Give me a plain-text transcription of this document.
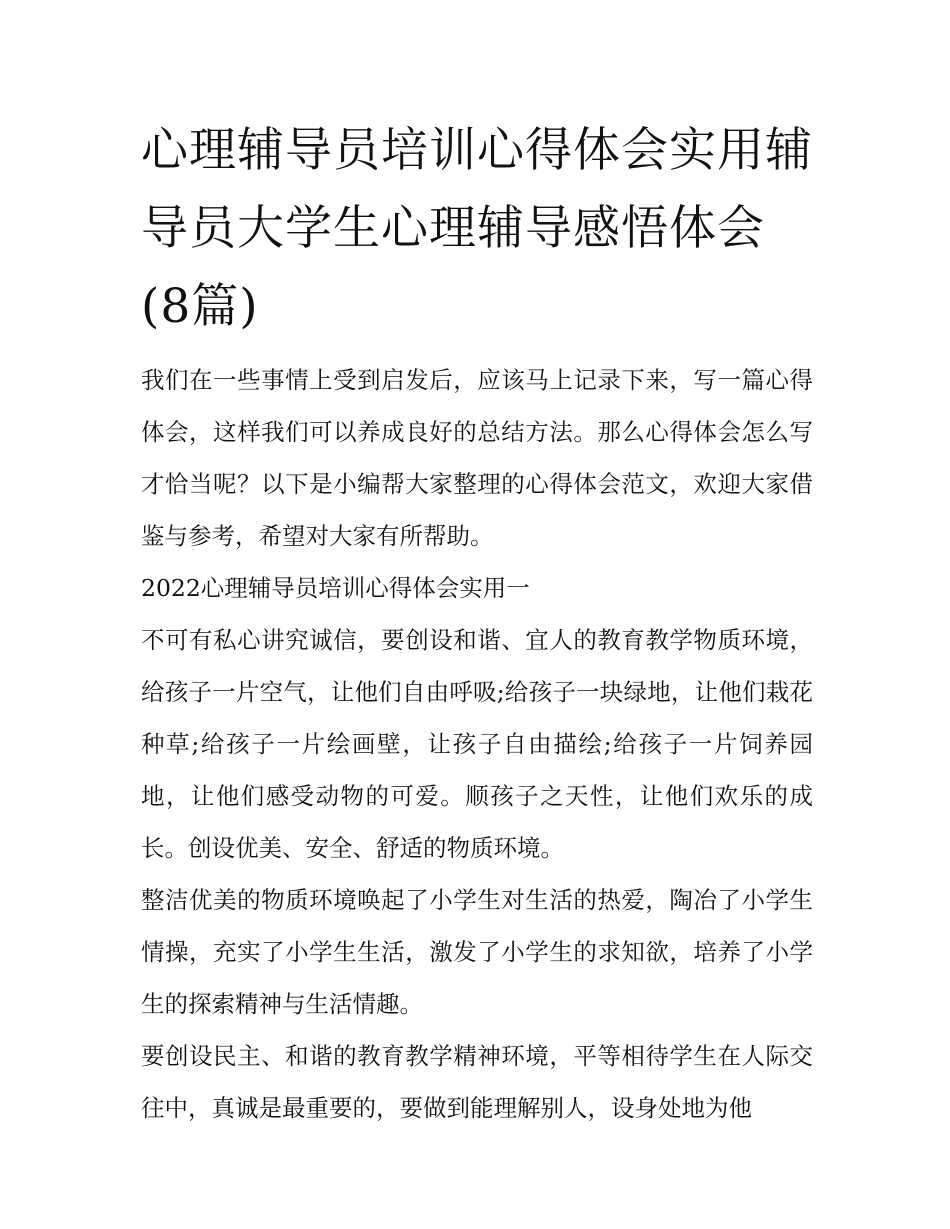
心理辅导员培训心得体会实用辅导员大学生心理辅导感悟体会(8篇)

我们在一些事情上受到启发后，应该马上记录下来，写一篇心得体会，这样我们可以养成良好的总结方法。那么心得体会怎么写才恰当呢？以下是小编帮大家整理的心得体会范文，欢迎大家借鉴与参考，希望对大家有所帮助。

2022心理辅导员培训心得体会实用一

不可有私心讲究诚信，要创设和谐、宜人的教育教学物质环境，给孩子一片空气，让他们自由呼吸;给孩子一块绿地，让他们栽花种草;给孩子一片绘画壁，让孩子自由描绘;给孩子一片饲养园地，让他们感受动物的可爱。顺孩子之天性，让他们欢乐的成长。创设优美、安全、舒适的物质环境。

整洁优美的物质环境唤起了小学生对生活的热爱，陶冶了小学生情操，充实了小学生生活，激发了小学生的求知欲，培养了小学生的探索精神与生活情趣。

要创设民主、和谐的教育教学精神环境，平等相待学生在人际交往中，真诚是最重要的，要做到能理解别人，设身处地为他
